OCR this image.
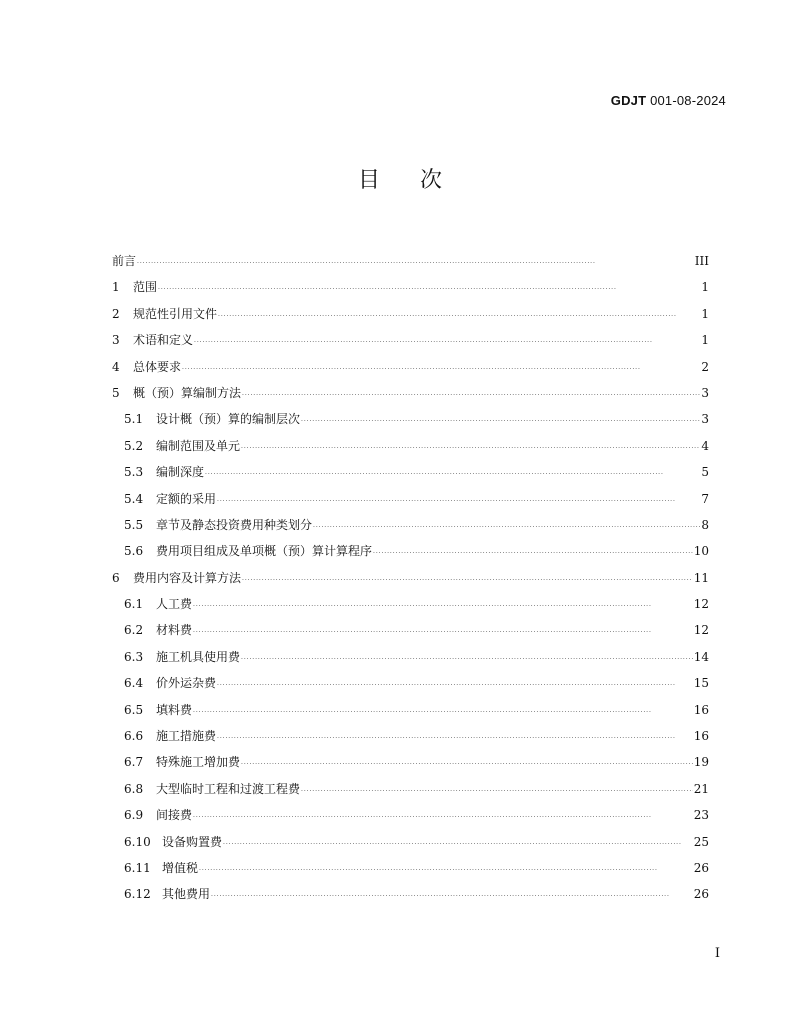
GDJT 001-08-2024
目 次
前言 . . .	III
1	范围 . . .	1
2	规范性引用文件 . . .	1
3	术语和定义 . . .	1
4	总体要求 . . .	2
5	概（预）算编制方法 . . .	3
5.1	设计概（预）算的编制层次 . . .	3
5.2	编制范围及单元 . . .	4
5.3	编制深度 . . .	5
5.4	定额的采用 . . .	7
5.5	章节及静态投资费用种类划分 . . .	8
5.6	费用项目组成及单项概（预）算计算程序 . . .	10
6	费用内容及计算方法 . . .	11
6.1	人工费 . . .	12
6.2	材料费 . . .	12
6.3	施工机具使用费 . . .	14
6.4	价外运杂费 . . .	15
6.5	填料费 . . .	16
6.6	施工措施费 . . .	16
6.7	特殊施工增加费 . . .	19
6.8	大型临时工程和过渡工程费 . . .	21
6.9	间接费 . . .	23
6.10 设备购置费 . . .	25
6.11 增值税 . . .	26
6.12 其他费用 . . .	26
I
